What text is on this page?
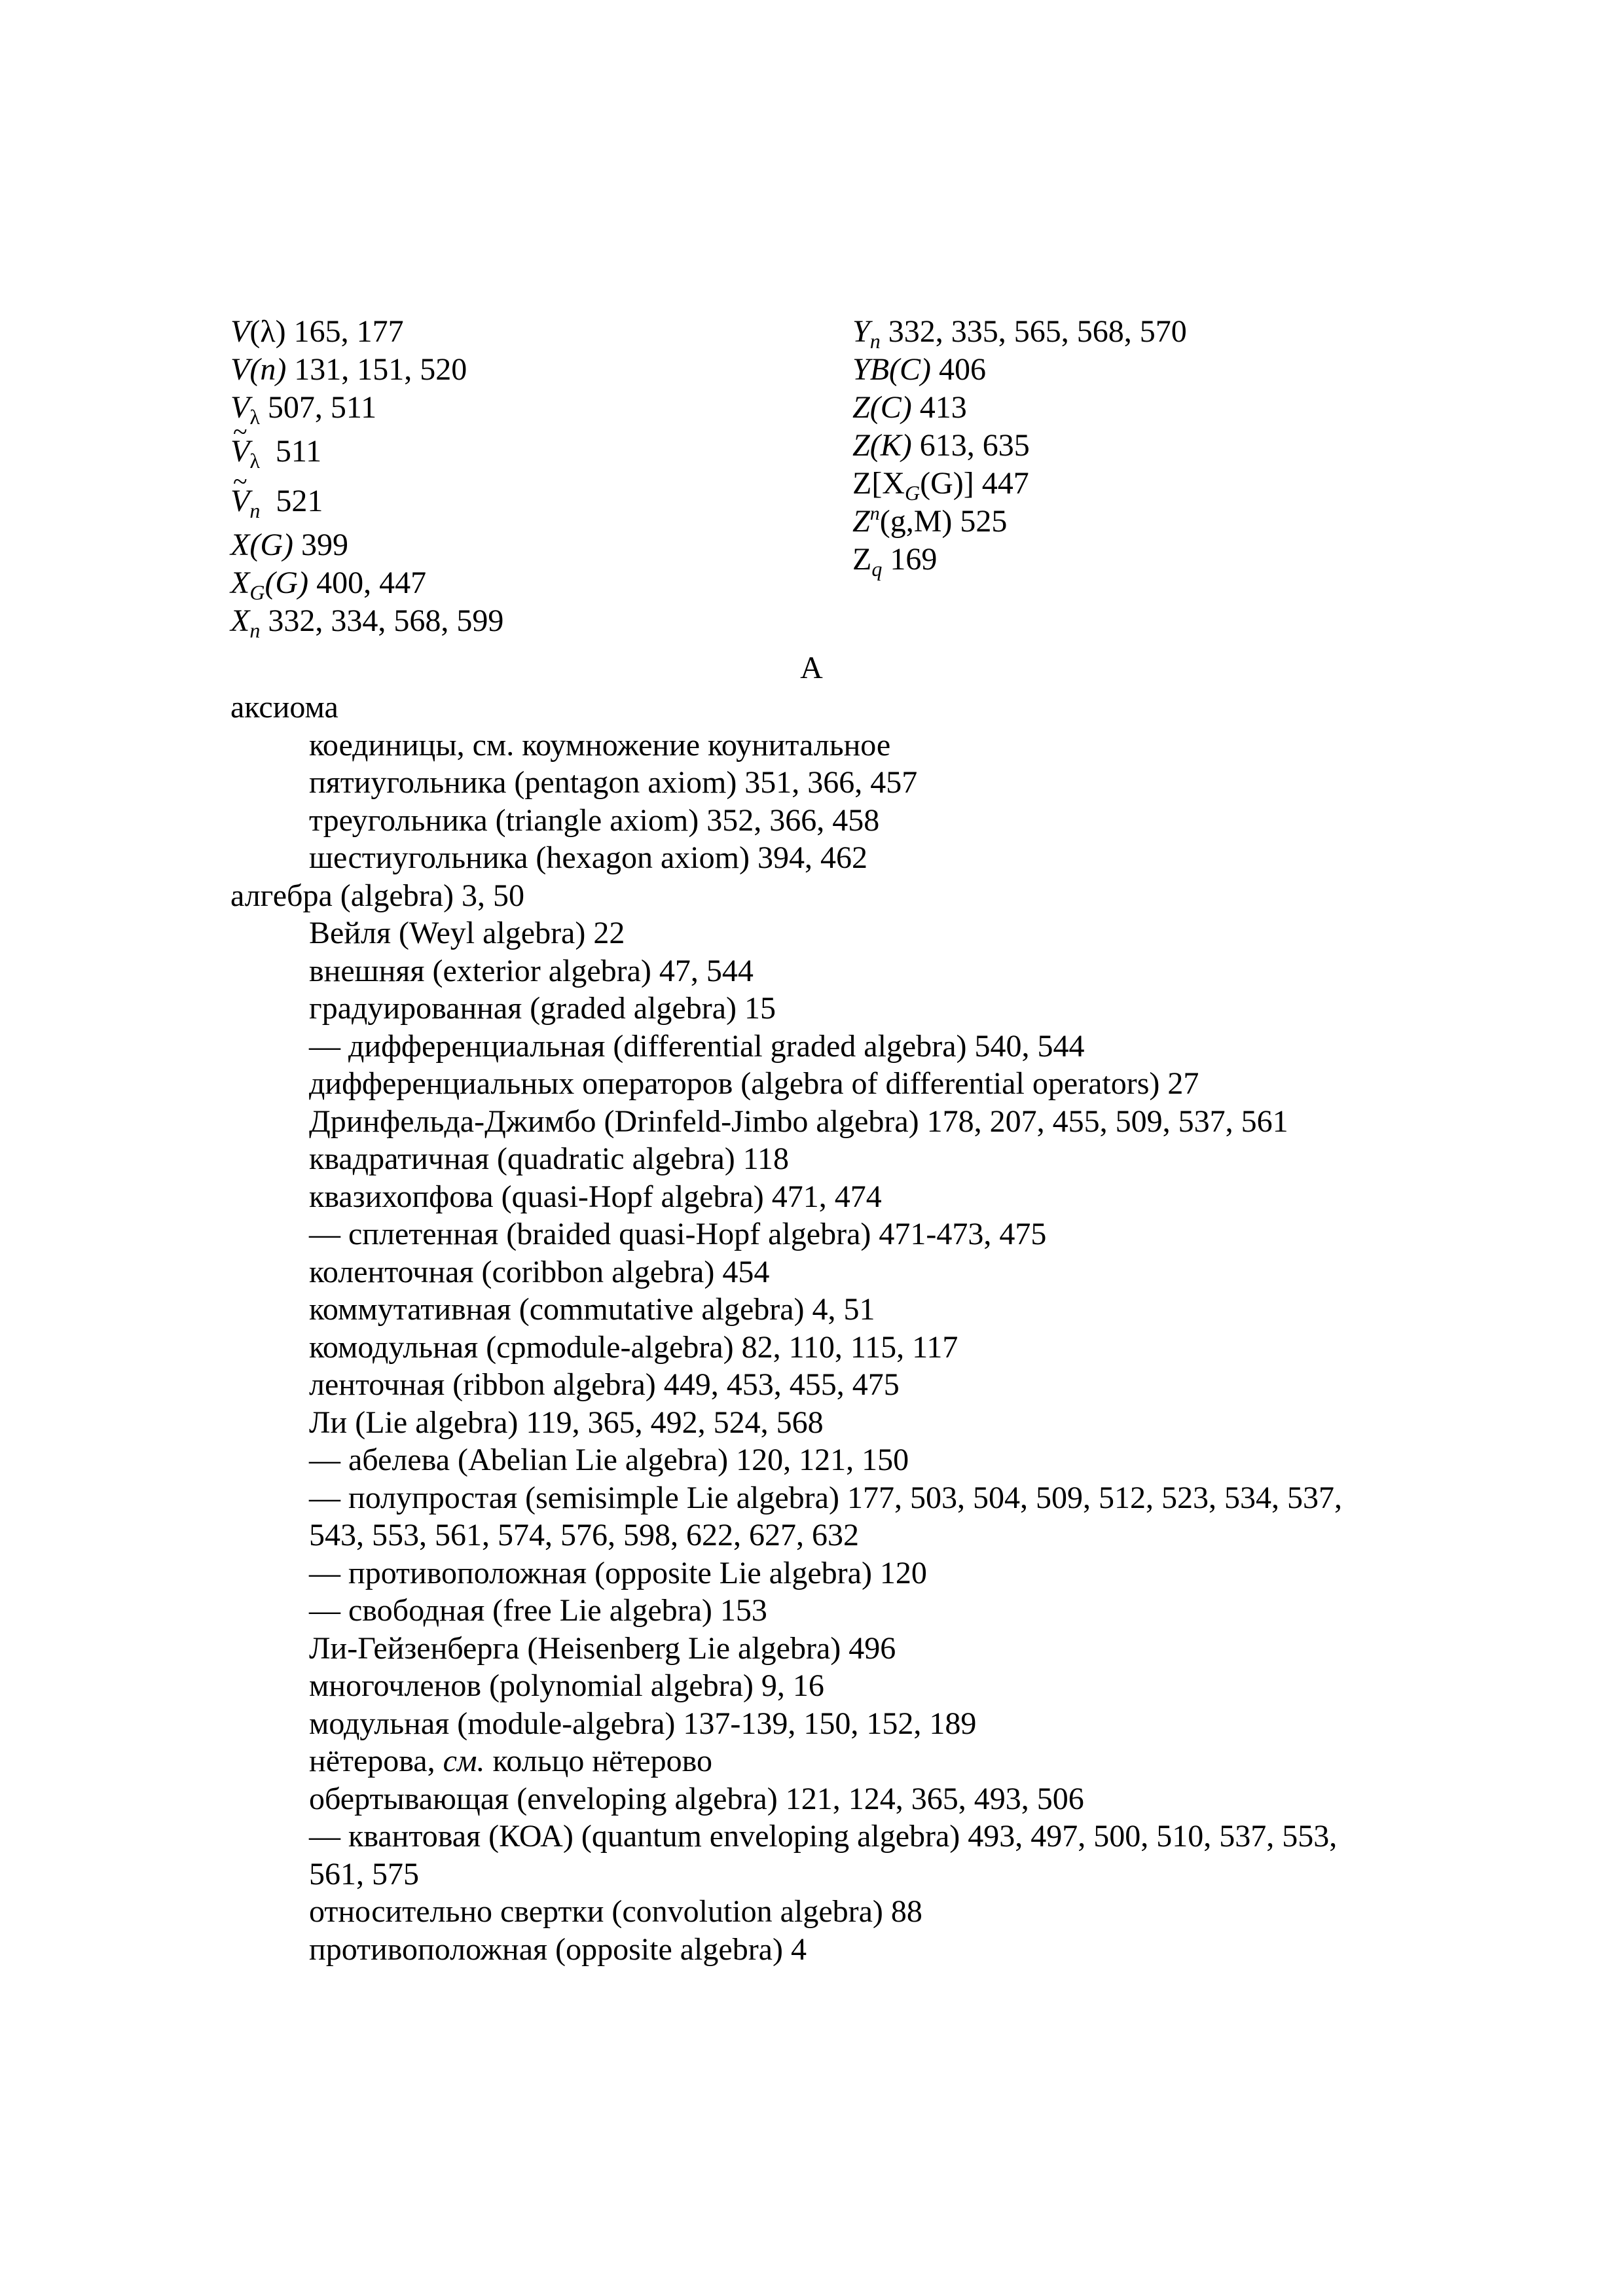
V(λ) 165, 177
V(n) 131, 151, 520
$V_\lambda$ 507, 511
~ $V_\lambda$ 511
~ $V_n$ 521
X(G) 399
$X_G(G)$ 400, 447
$X_n$ 332, 334, 568, 599
$Y_n$ 332, 335, 565, 568, 570
YB(C) 406
Z(C) 413
Z(K) 613, 635
$Z[X_G(G)]$ 447
$Z^n(g,M)$ 525
$Z_q$ 169
А
аксиома
коединицы, см. коумножение коунитальное
пятиугольника (pentagon axiom) 351, 366, 457
треугольника (triangle axiom) 352, 366, 458
шестиугольника (hexagon axiom) 394, 462
алгебра (algebra) 3, 50
Вейля (Weyl algebra) 22
внешняя (exterior algebra) 47, 544
градуированная (graded algebra) 15
— дифференциальная (differential graded algebra) 540, 544
дифференциальных операторов (algebra of differential operators) 27
Дринфельда-Джимбо (Drinfeld-Jimbo algebra) 178, 207, 455, 509, 537, 561
квадратичная (quadratic algebra) 118
квазихопфова (quasi-Hopf algebra) 471, 474
— сплетенная (braided quasi-Hopf algebra) 471-473, 475
коленточная (coribbon algebra) 454
коммутативная (commutative algebra) 4, 51
комодульная (cpmodule-algebra) 82, 110, 115, 117
ленточная (ribbon algebra) 449, 453, 455, 475
Ли (Lie algebra) 119, 365, 492, 524, 568
— абелева (Abelian Lie algebra) 120, 121, 150
— полупростая (semisimple Lie algebra) 177, 503, 504, 509, 512, 523, 534, 537,
543, 553, 561, 574, 576, 598, 622, 627, 632
— противоположная (opposite Lie algebra) 120
— свободная (free Lie algebra) 153
Ли-Гейзенберга (Heisenberg Lie algebra) 496
многочленов (polynomial algebra) 9, 16
модульная (module-algebra) 137-139, 150, 152, 189
нётерова, см. кольцо нётерово
обертывающая (enveloping algebra) 121, 124, 365, 493, 506
— квантовая (КОА) (quantum enveloping algebra) 493, 497, 500, 510, 537, 553,
561, 575
относительно свертки (convolution algebra) 88
противоположная (opposite algebra) 4
